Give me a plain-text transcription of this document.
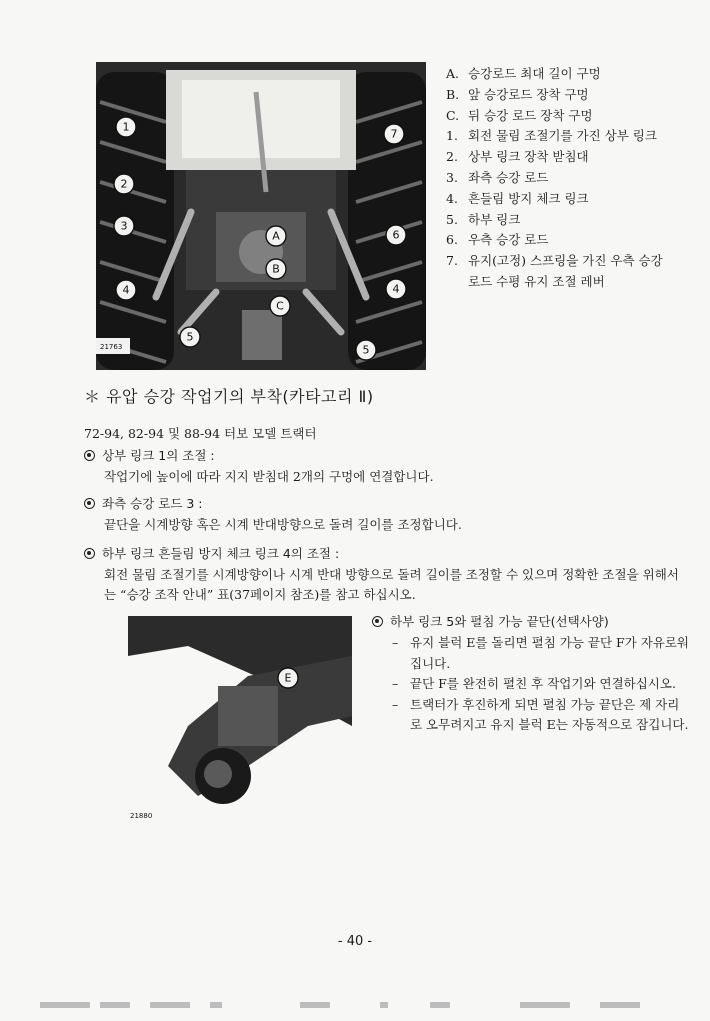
21763
1
2
3
4
5
A
B
C
6
4
5
7
A. 승강로드 최대 길이 구멍
B. 앞 승강로드 장착 구멍
C. 뒤 승강 로드 장착 구멍
1. 회전 물림 조절기를 가진 상부 링크
2. 상부 링크 장착 받침대
3. 좌측 승강 로드
4. 흔들림 방지 체크 링크
5. 하부 링크
6. 우측 승강 로드
7. 유지(고정) 스프링을 가진 우측 승강
로드 수평 유지 조절 레버
＊ 유압 승강 작업기의 부착(카타고리 Ⅱ)
72-94, 82-94 및 88-94 터보 모델 트랙터
상부 링크 1의 조절 :
작업기에 높이에 따라 지지 받침대 2개의 구멍에 연결합니다.
좌측 승강 로드 3 :
끝단을 시계방향 혹은 시계 반대방향으로 돌려 길이를 조정합니다.
하부 링크 흔들림 방지 체크 링크 4의 조절 :
회전 물림 조절기를 시계방향이나 시계 반대 방향으로 돌려 길이를 조정할 수 있으며 정확한 조절을 위해서는 “승강 조작 안내” 표(37페이지 참조)를 참고 하십시오.
E
21880
하부 링크 5와 펼침 가능 끝단(선택사양)
– 유지 블럭 E를 돌리면 펼침 가능 끝단 F가 자유로워집니다.
– 끝단 F를 완전히 펼친 후 작업기와 연결하십시오.
– 트랙터가 후진하게 되면 펼침 가능 끝단은 제 자리로 오무려지고 유지 블럭 E는 자동적으로 잠깁니다.
- 40 -
